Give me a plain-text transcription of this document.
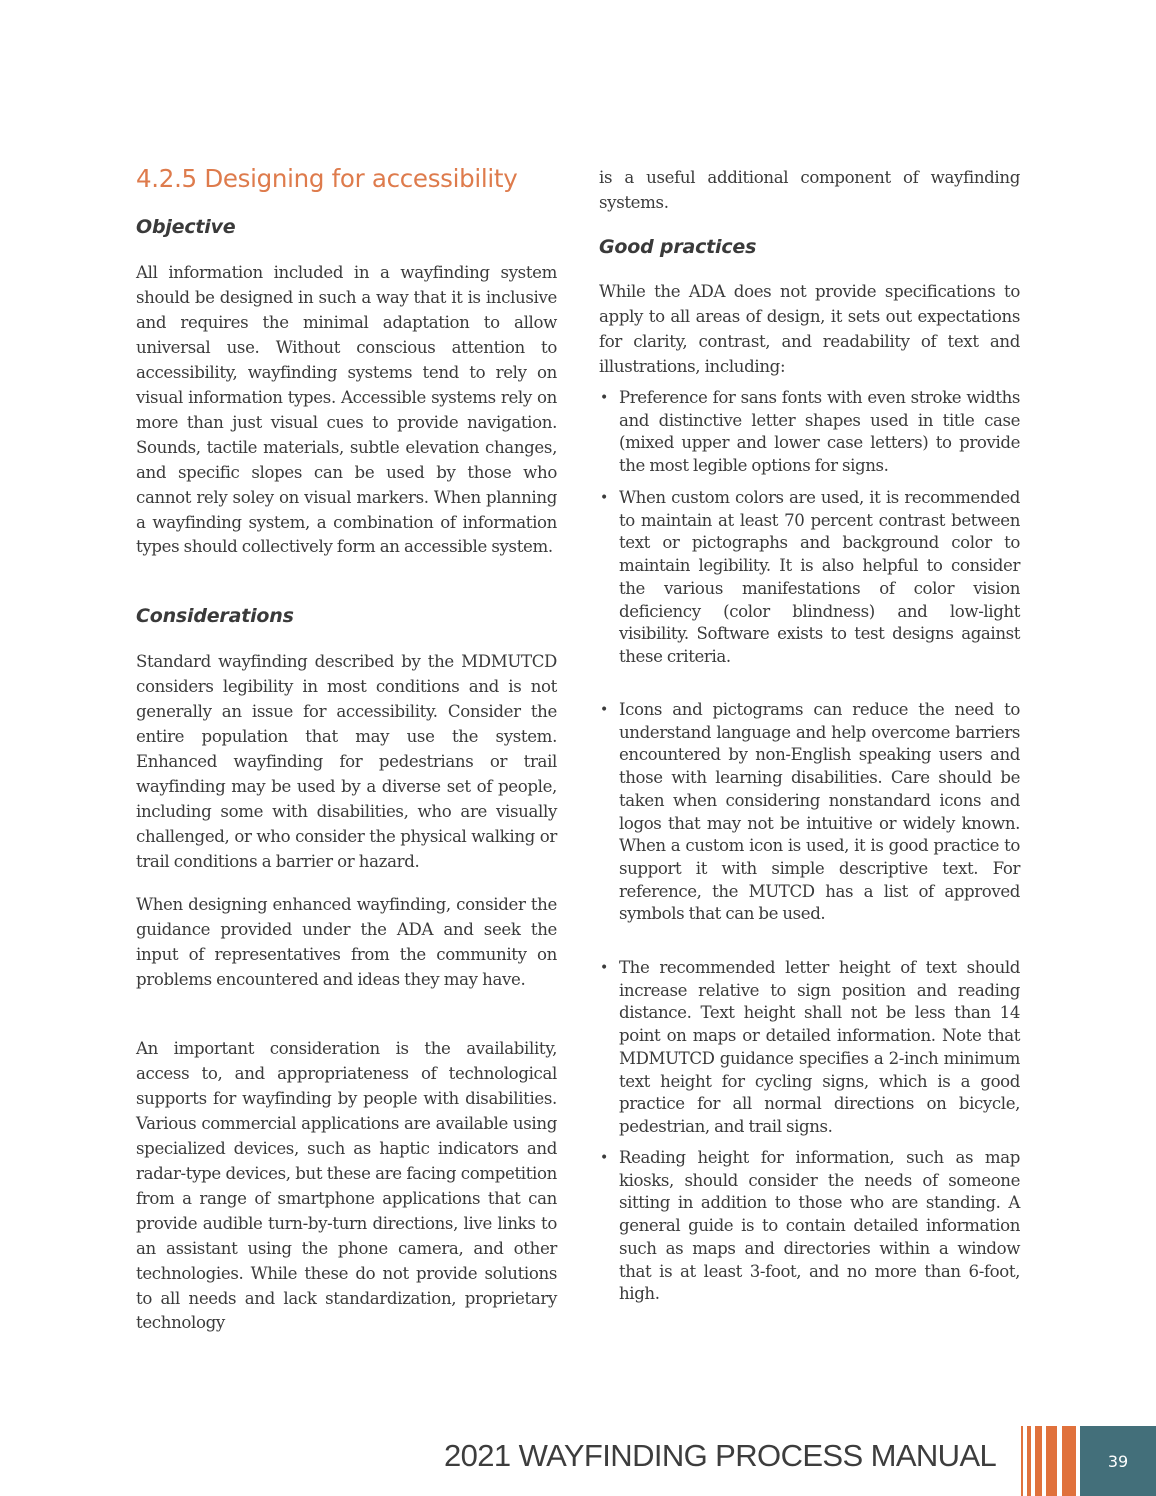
4.2.5 Designing for accessibility
Objective

All information included in a wayfinding system should be designed in such a way that it is inclusive and requires the minimal adaptation to allow universal use. Without conscious attention to accessibility, wayfinding systems tend to rely on visual information types. Accessible systems rely on more than just visual cues to provide navigation. Sounds, tactile materials, subtle elevation changes, and specific slopes can be used by those who cannot rely soley on visual markers. When planning a wayfinding system, a combination of information types should collectively form an accessible system.

Considerations

Standard wayfinding described by the MDMUTCD considers legibility in most conditions and is not generally an issue for accessibility. Consider the entire population that may use the system. Enhanced wayfinding for pedestrians or trail wayfinding may be used by a diverse set of people, including some with disabilities, who are visually challenged, or who consider the physical walking or trail conditions a barrier or hazard.

When designing enhanced wayfinding, consider the guidance provided under the ADA and seek the input of representatives from the community on problems encountered and ideas they may have.

An important consideration is the availability, access to, and appropriateness of technological supports for wayfinding by people with disabilities. Various commercial applications are available using specialized devices, such as haptic indicators and radar-type devices, but these are facing competition from a range of smartphone applications that can provide audible turn-by-turn directions, live links to an assistant using the phone camera, and other technologies. While these do not provide solutions to all needs and lack standardization, proprietary technology

is a useful additional component of wayfinding systems.

Good practices

While the ADA does not provide specifications to apply to all areas of design, it sets out expectations for clarity, contrast, and readability of text and illustrations, including:

• Preference for sans fonts with even stroke widths and distinctive letter shapes used in title case (mixed upper and lower case letters) to provide the most legible options for signs.
• When custom colors are used, it is recommended to maintain at least 70 percent contrast between text or pictographs and background color to maintain legibility. It is also helpful to consider the various manifestations of color vision deficiency (color blindness) and low-light visibility. Software exists to test designs against these criteria.
• Icons and pictograms can reduce the need to understand language and help overcome barriers encountered by non-English speaking users and those with learning disabilities. Care should be taken when considering nonstandard icons and logos that may not be intuitive or widely known. When a custom icon is used, it is good practice to support it with simple descriptive text. For reference, the MUTCD has a list of approved symbols that can be used.
• The recommended letter height of text should increase relative to sign position and reading distance. Text height shall not be less than 14 point on maps or detailed information. Note that MDMUTCD guidance specifies a 2-inch minimum text height for cycling signs, which is a good practice for all normal directions on bicycle, pedestrian, and trail signs.
• Reading height for information, such as map kiosks, should consider the needs of someone sitting in addition to those who are standing. A general guide is to contain detailed information such as maps and directories within a window that is at least 3-foot, and no more than 6-foot, high.
2021 WAYFINDING PROCESS MANUAL	39
